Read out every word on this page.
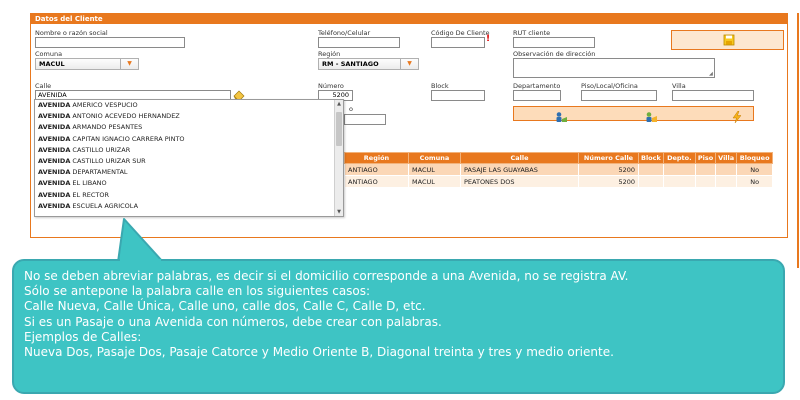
Datos del Cliente
Nombre o razón social	Teléfono/Celular	Código De Cliente
!
RUT cliente
Comuna
MACUL	▼
Región
RM - SANTIAGO	▼
Observación de dirección
◢
Calle
AVENIDA
Número
5200
Block	Departamento	Piso/Local/Oficina	Villa
o
Región	Comuna	Calle	Número Calle	Block	Depto.	Piso	Villa	Bloqueo
ANTIAGO	MACUL	PASAJE LAS GUAYABAS	5200					No
ANTIAGO	MACUL	PEATONES DOS	5200					No
AVENIDA AMERICO VESPUCIO
AVENIDA ANTONIO ACEVEDO HERNANDEZ
AVENIDA ARMANDO PESANTES
AVENIDA CAPITAN IGNACIO CARRERA PINTO
AVENIDA CASTILLO URIZAR
AVENIDA CASTILLO URIZAR SUR
AVENIDA DEPARTAMENTAL
AVENIDA EL LIBANO
AVENIDA EL RECTOR
AVENIDA ESCUELA AGRICOLA
▲
▼
No se deben abreviar palabras, es decir si el domicilio corresponde a una Avenida, no se registra AV.
Sólo se antepone la palabra calle en los siguientes casos:
Calle Nueva, Calle Única, Calle uno, calle dos, Calle C, Calle D, etc.
Si es un Pasaje o una Avenida con números, debe crear con palabras.
Ejemplos de Calles:
Nueva Dos, Pasaje Dos, Pasaje Catorce y Medio Oriente B, Diagonal treinta y tres y medio oriente.
